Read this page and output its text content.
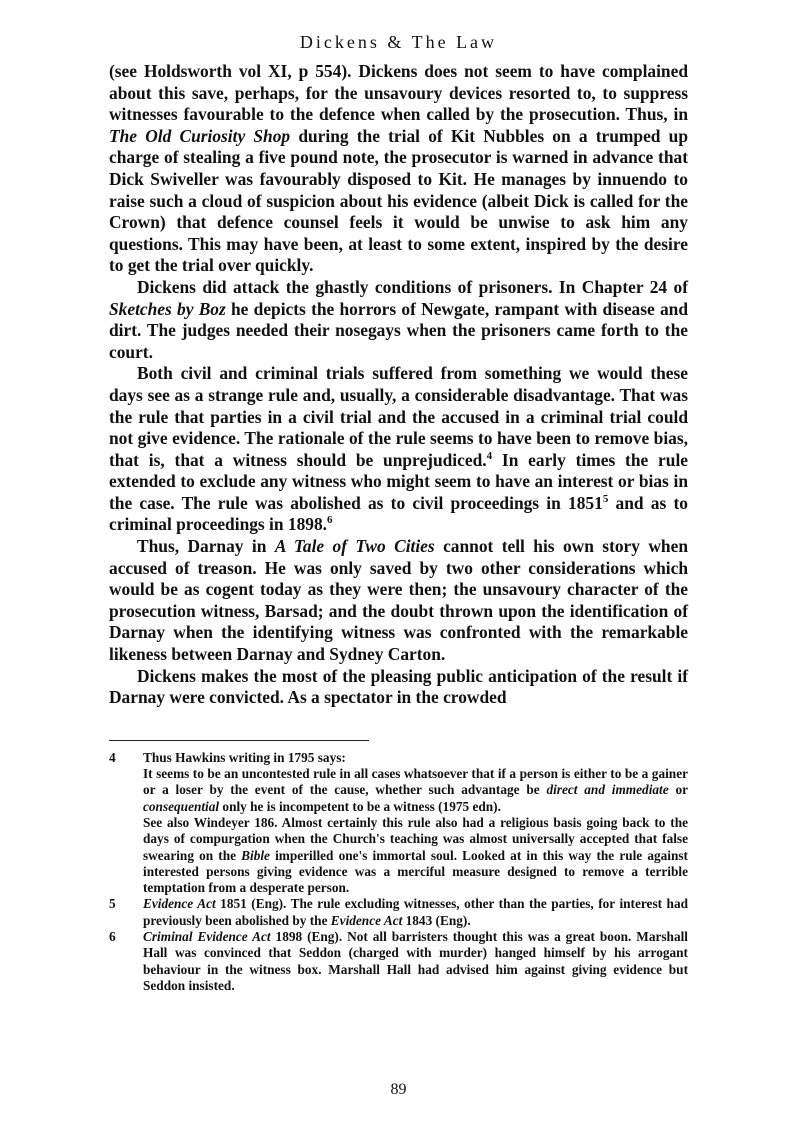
Dickens & The Law

(see Holdsworth vol XI, p 554). Dickens does not seem to have complained about this save, perhaps, for the unsavoury devices resorted to, to suppress witnesses favourable to the defence when called by the prosecution. Thus, in The Old Curiosity Shop during the trial of Kit Nubbles on a trumped up charge of stealing a five pound note, the prosecutor is warned in advance that Dick Swiveller was favourably disposed to Kit. He manages by innuendo to raise such a cloud of suspicion about his evidence (albeit Dick is called for the Crown) that defence counsel feels it would be unwise to ask him any questions. This may have been, at least to some extent, inspired by the desire to get the trial over quickly.

Dickens did attack the ghastly conditions of prisoners. In Chapter 24 of Sketches by Boz he depicts the horrors of Newgate, rampant with disease and dirt. The judges needed their nosegays when the prisoners came forth to the court.

Both civil and criminal trials suffered from something we would these days see as a strange rule and, usually, a considerable disadvantage. That was the rule that parties in a civil trial and the accused in a criminal trial could not give evidence. The rationale of the rule seems to have been to remove bias, that is, that a witness should be unprejudiced.$^4$ In early times the rule extended to exclude any witness who might seem to have an interest or bias in the case. The rule was abolished as to civil proceedings in 1851$^5$ and as to criminal proceedings in 1898.$^6$

Thus, Darnay in A Tale of Two Cities cannot tell his own story when accused of treason. He was only saved by two other considerations which would be as cogent today as they were then; the unsavoury character of the prosecution witness, Barsad; and the doubt thrown upon the identification of Darnay when the identifying witness was confronted with the remarkable likeness between Darnay and Sydney Carton.

Dickens makes the most of the pleasing public anticipation of the result if Darnay were convicted. As a spectator in the crowded

4	Thus Hawkins writing in 1795 says:

It seems to be an uncontested rule in all cases whatsoever that if a person is either to be a gainer or a loser by the event of the cause, whether such advantage be direct and immediate or consequential only he is incompetent to be a witness (1975 edn).

See also Windeyer 186. Almost certainly this rule also had a religious basis going back to the days of compurgation when the Church's teaching was almost universally accepted that false swearing on the Bible imperilled one's immortal soul. Looked at in this way the rule against interested persons giving evidence was a merciful measure designed to remove a terrible temptation from a desperate person.

5	Evidence Act 1851 (Eng). The rule excluding witnesses, other than the parties, for interest had previously been abolished by the Evidence Act 1843 (Eng).
6	Criminal Evidence Act 1898 (Eng). Not all barristers thought this was a great boon. Marshall Hall was convinced that Seddon (charged with murder) hanged himself by his arrogant behaviour in the witness box. Marshall Hall had advised him against giving evidence but Seddon insisted.
89
